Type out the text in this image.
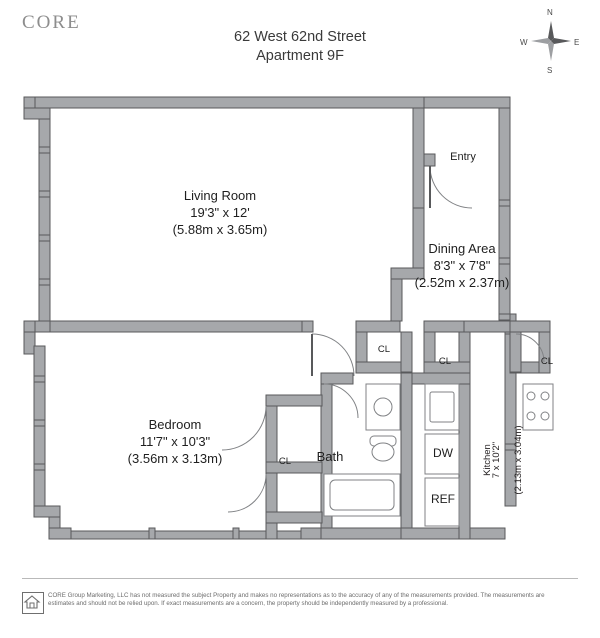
CORE
62 West 62nd Street
Apartment 9F
N
S
E
W
Living Room
19'3" x 12'
(5.88m x 3.65m)
Dining Area
8'3" x 7'8"
(2.52m x 2.37m)
Bedroom
11'7" x 10'3"
(3.56m x 3.13m)
Entry
Bath
CL
CL	CL
CL
DW
REF
Kitchen
7 x 10'2" (2.13m x 3.04m)
CORE Group Marketing, LLC has not measured the subject Property and makes no representations as to the accuracy of any of the measurements provided. The measurements are estimates and should not be relied upon. If exact measurements are a concern, the property should be independently measured by a professional.
